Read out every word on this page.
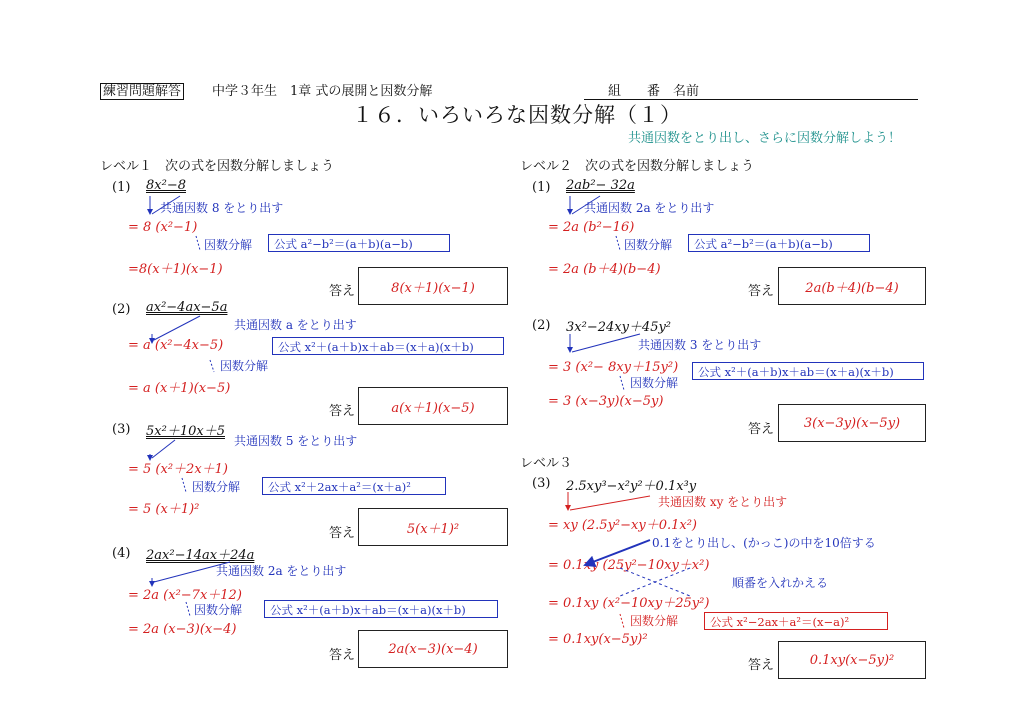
練習問題解答 中学３年生　1章 式の展開と因数分解	組　　番　名前
１６．いろいろな因数分解（１）
共通因数をとり出し、さらに因数分解しよう！
レベル１　次の式を因数分解しましょう
(1) 8x²−8
共通因数 8 をとり出す
= 8 (x²−1)
因数分解	公式 a²−b²＝(a＋b)(a−b)
=8(x＋1)(x−1)
答え	8(x＋1)(x−1)
(2) ax²−4ax−5a
共通因数 a をとり出す
= a (x²−4x−5)	公式 x²＋(a＋b)x＋ab＝(x＋a)(x＋b)
因数分解
= a (x＋1)(x−5)
答え	a(x＋1)(x−5)
(3) 5x²＋10x＋5
共通因数 5 をとり出す
= 5 (x²＋2x＋1)
因数分解	公式 x²＋2ax＋a²＝(x＋a)²
= 5 (x＋1)²
答え	5(x＋1)²
(4) 2ax²−14ax＋24a
共通因数 2a をとり出す
= 2a (x²−7x＋12)
因数分解	公式 x²＋(a＋b)x＋ab＝(x＋a)(x＋b)
= 2a (x−3)(x−4)
答え	2a(x−3)(x−4)
レベル２　次の式を因数分解しましょう
(1) 2ab²− 32a
共通因数 2a をとり出す
= 2a (b²−16)
因数分解	公式 a²−b²＝(a＋b)(a−b)
= 2a (b＋4)(b−4)
答え 2a(b＋4)(b−4)
(2) 3x²−24xy＋45y²
共通因数 3 をとり出す
= 3 (x²− 8xy＋15y²)	公式 x²＋(a＋b)x＋ab＝(x＋a)(x＋b)
因数分解
= 3 (x−3y)(x−5y)
答え 3(x−3y)(x−5y)
レベル３
(3) 2.5xy³−x²y²＋0.1x³y
共通因数 xy をとり出す
= xy (2.5y²−xy＋0.1x²)
0.1をとり出し、(かっこ)の中を10倍する
= 0.1xy (25y²−10xy＋x²)
順番を入れかえる
= 0.1xy (x²−10xy＋25y²)
因数分解	公式 x²−2ax＋a²＝(x−a)²
= 0.1xy(x−5y)²
答え	0.1xy(x−5y)²
